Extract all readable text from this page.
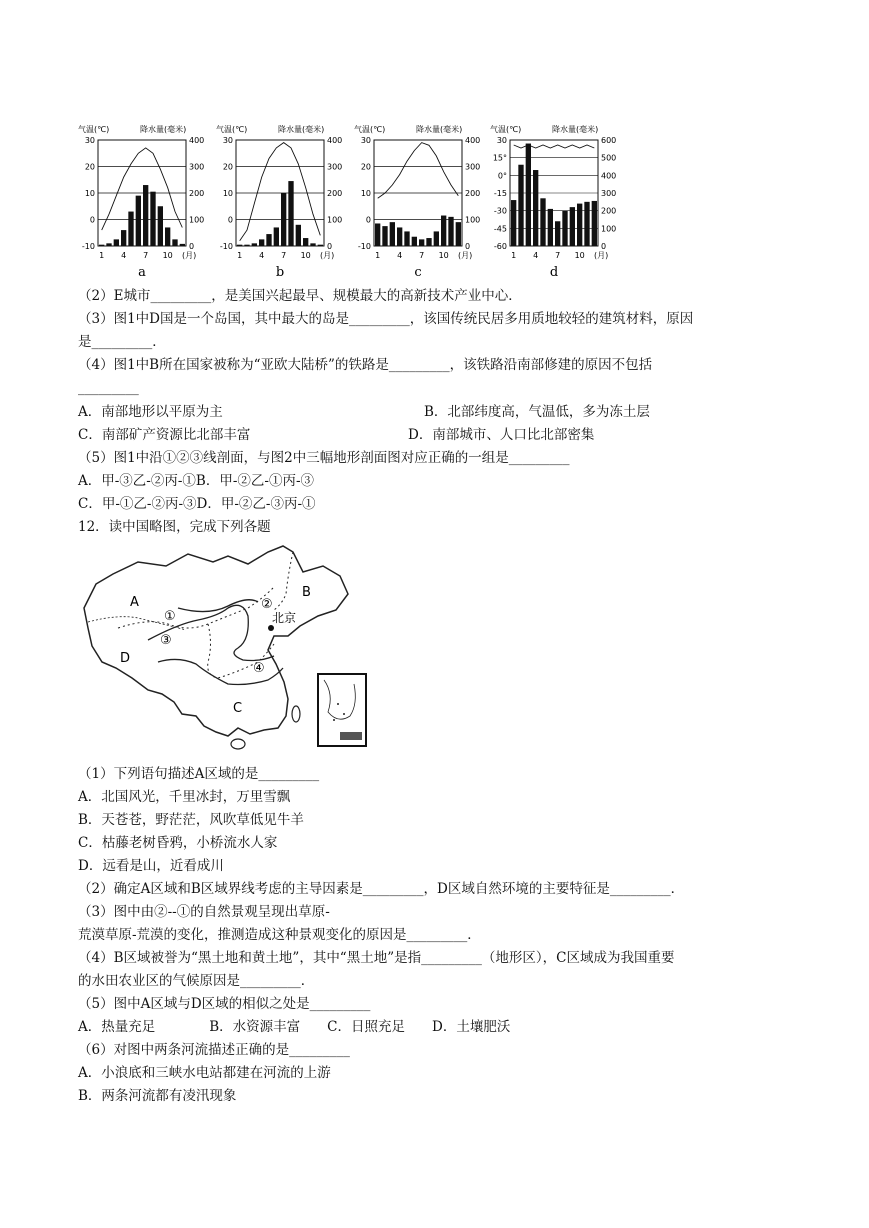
气温(℃)	降水量(毫米)
30	400
20	300
10	200
0	100
-10	0
1 4 7 10 (月)
a
气温(℃)	降水量(毫米)
30	400
20	300
10	200
0	100
-10	0
1 4 7 10 (月)
b
气温(℃)	降水量(毫米)
30	400
20	300
10	200
0	100
-10	0
1 4 7 10 (月)
c
气温(℃)	降水量(毫米)
30	600
15°	500
0°	400
-15	300
-30	200
-45	100
-60	0
1 4 7 10 (月)
d
（2）E城市_________，是美国兴起最早、规模最大的高新技术产业中心．
（3）图1中D国是一个岛国，其中最大的岛是_________，该国传统民居多用质地较轻的建筑材料，原因
是_________．
（4）图1中B所在国家被称为“亚欧大陆桥”的铁路是_________，该铁路沿南部修建的原因不包括
_________
A．南部地形以平原为主	B．北部纬度高，气温低，多为冻土层
C．南部矿产资源比北部丰富	D．南部城市、人口比北部密集
（5）图1中沿①②③线剖面，与图2中三幅地形剖面图对应正确的一组是_________
A．甲-③乙-②丙-①B．甲-②乙-①丙-③
C．甲-①乙-②丙-③D．甲-②乙-③丙-①
12．读中国略图，完成下列各题
A
B
C
D
①
②
③
④
北京
（1）下列语句描述A区域的是_________
A．北国风光，千里冰封，万里雪飘
B．天苍苍，野茫茫，风吹草低见牛羊
C．枯藤老树昏鸦，小桥流水人家
D．远看是山，近看成川
（2）确定A区域和B区域界线考虑的主导因素是_________，D区域自然环境的主要特征是_________．
（3）图中由②--①的自然景观呈现出草原-
荒漠草原-荒漠的变化，推测造成这种景观变化的原因是_________．
（4）B区域被誉为“黑土地和黄土地”，其中“黑土地”是指_________（地形区），C区域成为我国重要
的水田农业区的气候原因是_________．
（5）图中A区域与D区域的相似之处是_________
A．热量充足　　　　B．水资源丰富　　C．日照充足　　D．土壤肥沃
（6）对图中两条河流描述正确的是_________
A．小浪底和三峡水电站都建在河流的上游
B．两条河流都有凌汛现象
